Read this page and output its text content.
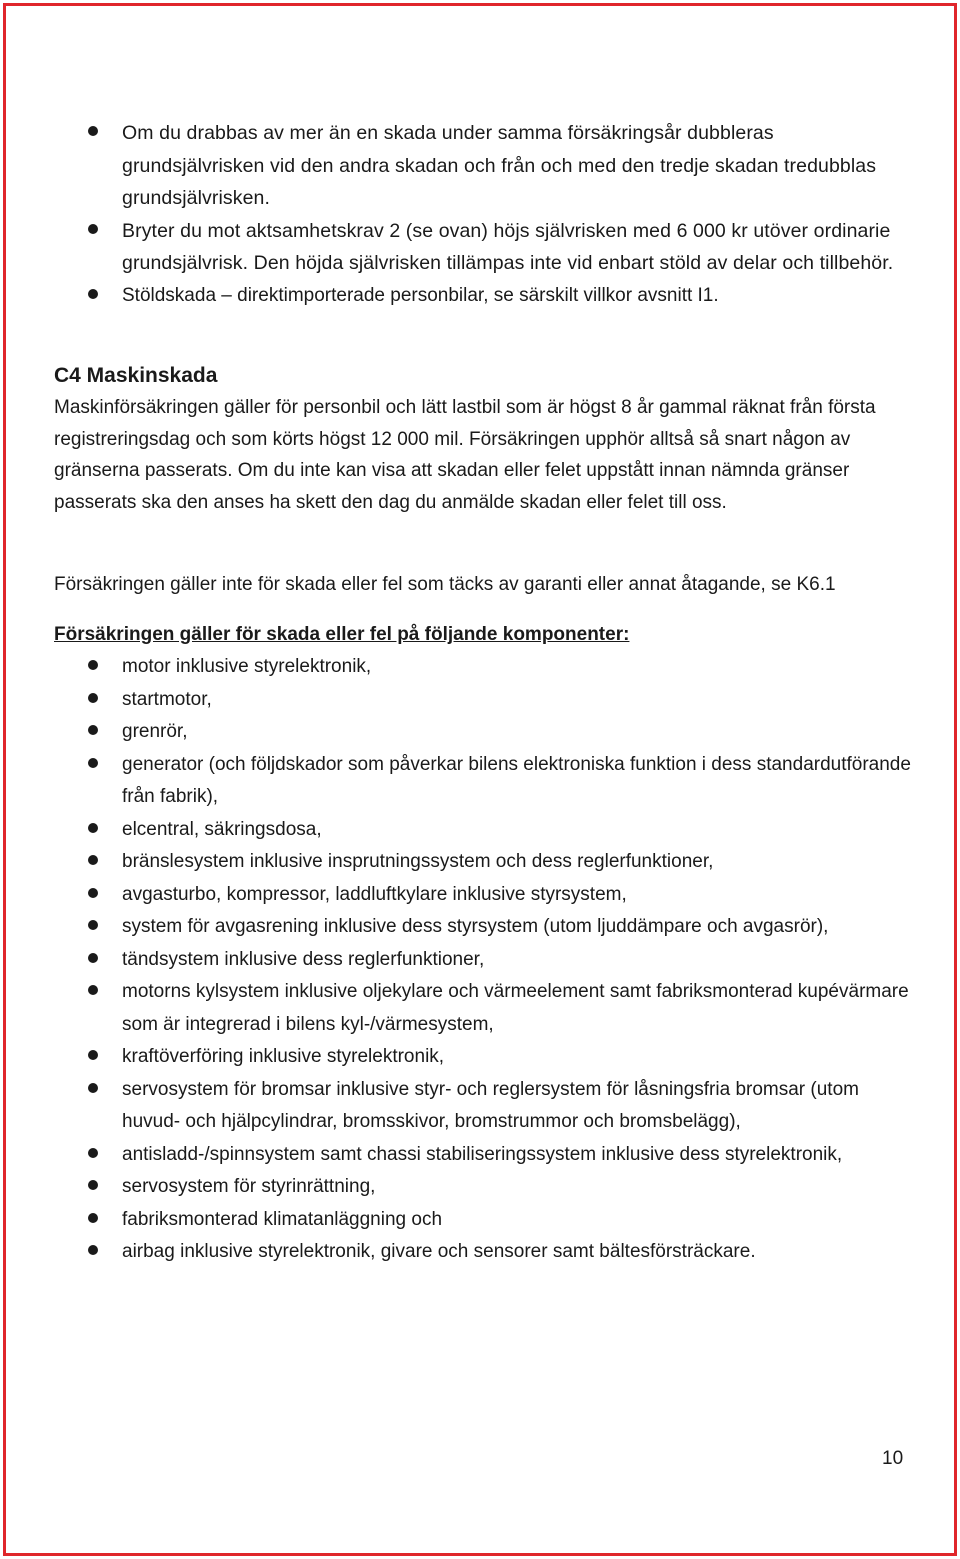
Om du drabbas av mer än en skada under samma försäkringsår dubbleras grundsjälvrisken vid den andra skadan och från och med den tredje skadan tredubblas grundsjälvrisken.
Bryter du mot aktsamhetskrav 2 (se ovan) höjs självrisken med 6 000 kr utöver ordinarie grundsjälvrisk. Den höjda självrisken tillämpas inte vid enbart stöld av delar och tillbehör.
Stöldskada – direktimporterade personbilar, se särskilt villkor avsnitt I1.
C4 Maskinskada
Maskinförsäkringen gäller för personbil och lätt lastbil som är högst 8 år gammal räknat från första registreringsdag och som körts högst 12 000 mil. Försäkringen upphör alltså så snart någon av gränserna passerats. Om du inte kan visa att skadan eller felet uppstått innan nämnda gränser passerats ska den anses ha skett den dag du anmälde skadan eller felet till oss.
Försäkringen gäller inte för skada eller fel som täcks av garanti eller annat åtagande, se K6.1
Försäkringen gäller för skada eller fel på följande komponenter:
motor inklusive styrelektronik,
startmotor,
grenrör,
generator (och följdskador som påverkar bilens elektroniska funktion i dess standardutförande från fabrik),
elcentral, säkringsdosa,
bränslesystem inklusive insprutningssystem och dess reglerfunktioner,
avgasturbo, kompressor, laddluftkylare inklusive styrsystem,
system för avgasrening inklusive dess styrsystem (utom ljuddämpare och avgasrör),
tändsystem inklusive dess reglerfunktioner,
motorns kylsystem inklusive oljekylare och värmeelement samt fabriksmonterad kupévärmare som är integrerad i bilens kyl-/värmesystem,
kraftöverföring inklusive styrelektronik,
servosystem för bromsar inklusive styr- och reglersystem för låsningsfria bromsar (utom huvud- och hjälpcylindrar, bromsskivor, bromstrummor och bromsbelägg),
antisladd-/spinnsystem samt chassi stabiliseringssystem inklusive dess styrelektronik,
servosystem för styrinrättning,
fabriksmonterad klimatanläggning och
airbag inklusive styrelektronik, givare och sensorer samt bältesförsträckare.
10
